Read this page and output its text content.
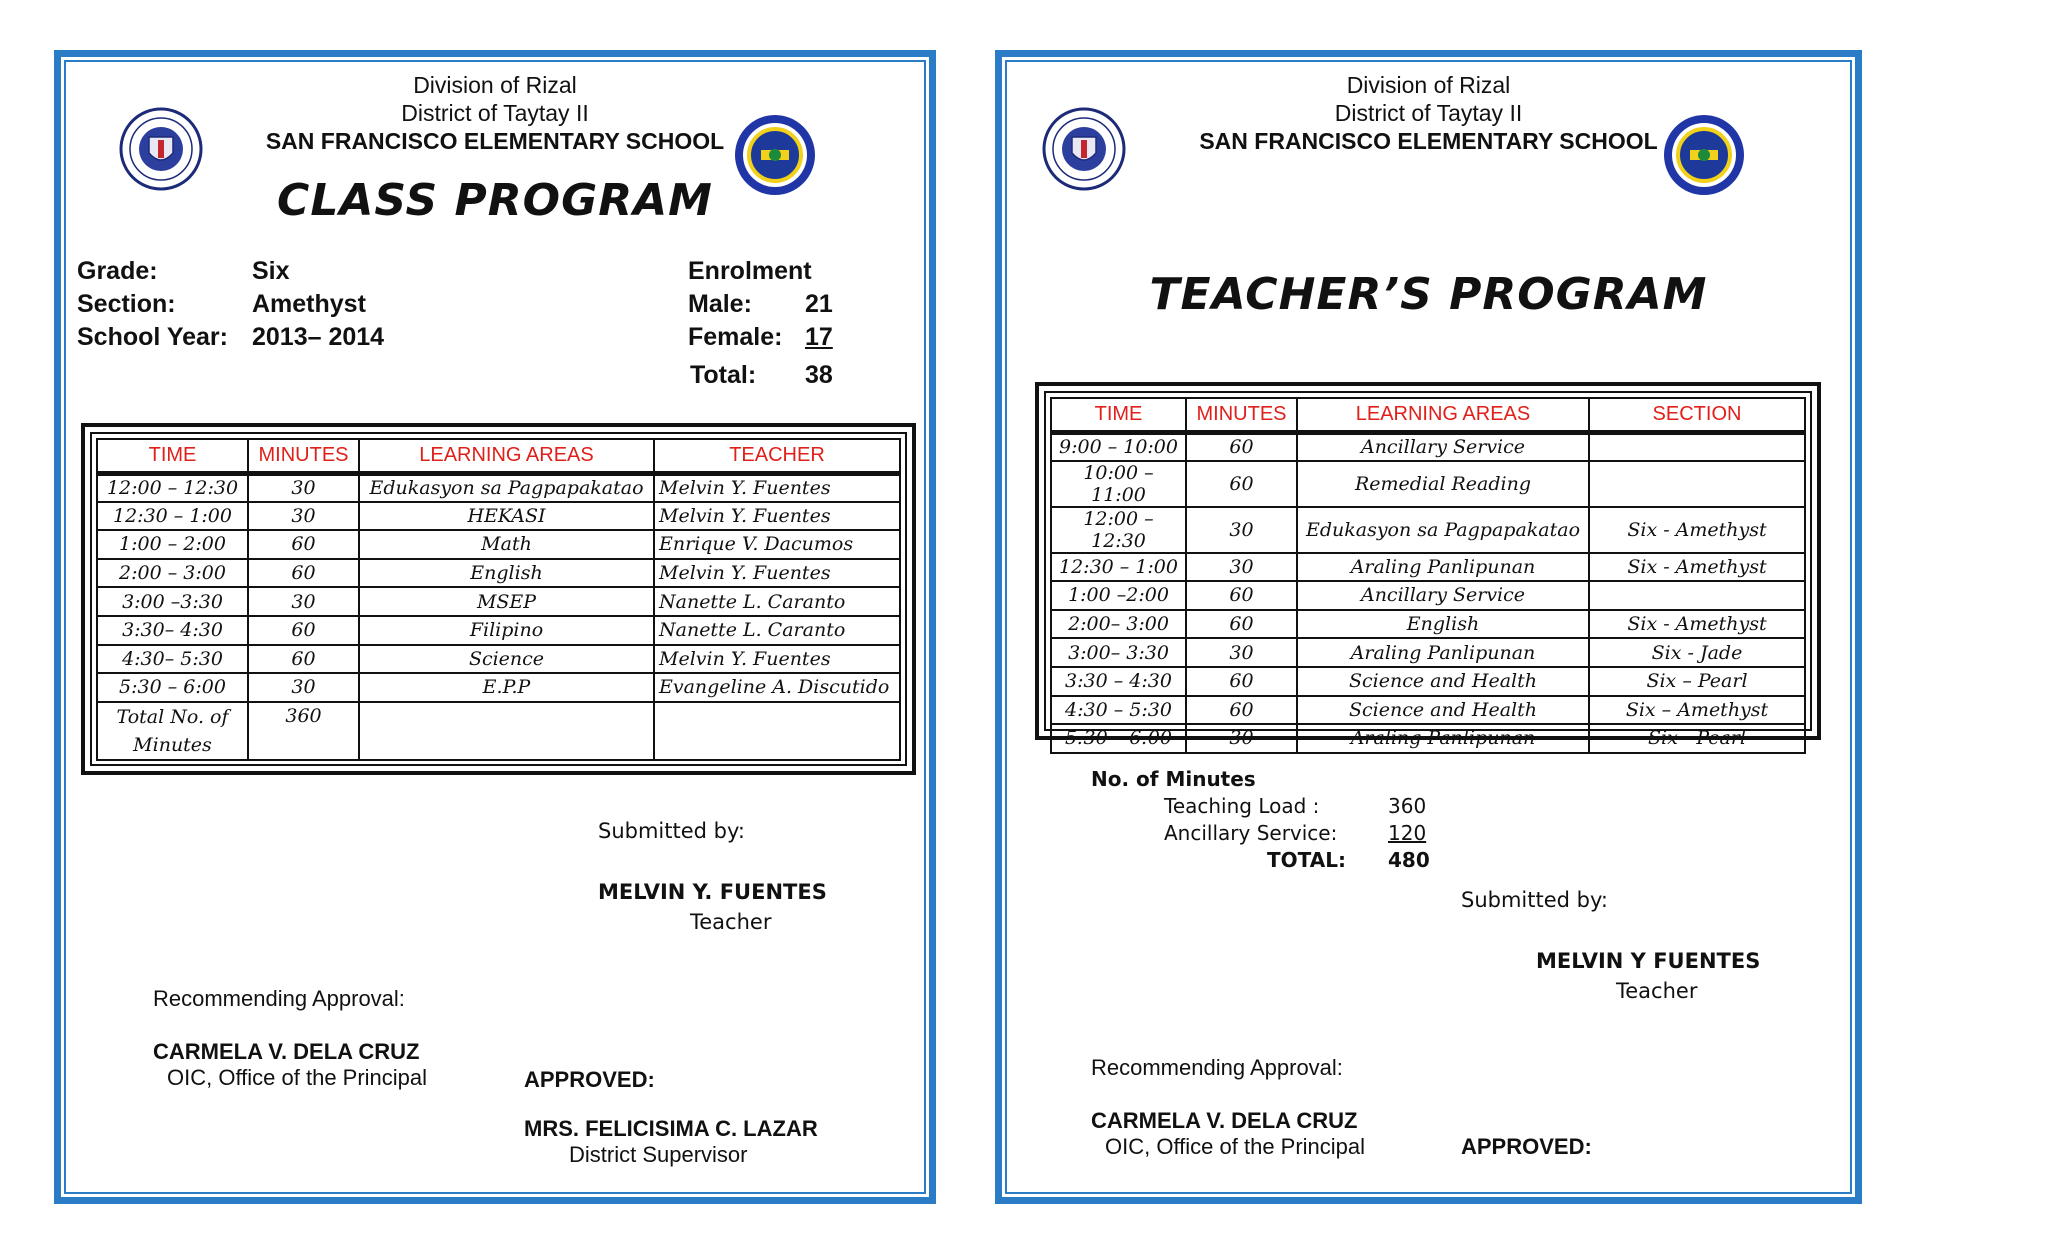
Division of Rizal
District of Taytay II
SAN FRANCISCO ELEMENTARY SCHOOL
CLASS PROGRAM
Grade:	Six
Section:	Amethyst
School Year: 2013– 2014
Enrolment
Male: 21
Female: 17
Total: 38
TIME	MINUTES	LEARNING AREAS	TEACHER
12:00 – 12:30	30	Edukasyon sa Pagpapakatao	Melvin Y. Fuentes
12:30 – 1:00	30	HEKASI	Melvin Y. Fuentes
1:00 – 2:00	60	Math	Enrique V. Dacumos
2:00 – 3:00	60	English	Melvin Y. Fuentes
3:00 –3:30	30	MSEP	Nanette L. Caranto
3:30– 4:30	60	Filipino	Nanette L. Caranto
4:30– 5:30	60	Science	Melvin Y. Fuentes
5:30 – 6:00	30	E.P.P	Evangeline A. Discutido

Total No. of
Minutes	360		
Submitted by:
MELVIN Y. FUENTES
Teacher
Recommending Approval:
CARMELA V. DELA CRUZ
OIC, Office of the Principal	APPROVED:
MRS. FELICISIMA C. LAZAR
District Supervisor
Division of Rizal
District of Taytay II
SAN FRANCISCO ELEMENTARY SCHOOL
TEACHER’S PROGRAM
TIME	MINUTES	LEARNING AREAS	SECTION
9:00 – 10:00	60	Ancillary Service	
10:00 – 11:00	60	Remedial Reading	
12:00 – 12:30	30	Edukasyon sa Pagpapakatao	Six - Amethyst
12:30 – 1:00	30	Araling Panlipunan	Six - Amethyst
1:00 –2:00	60	Ancillary Service	
2:00– 3:00	60	English	Six - Amethyst
3:00– 3:30	30	Araling Panlipunan	Six - Jade
3:30 – 4:30	60	Science and Health	Six – Pearl
4:30 – 5:30	60	Science and Health	Six – Amethyst
5:30 – 6:00	30	Araling Panlipunan	Six - Pearl
No. of Minutes
Teaching Load :	360
Ancillary Service:	120
TOTAL: 480
Submitted by:
MELVIN Y FUENTES
Teacher
Recommending Approval:
CARMELA V. DELA CRUZ
OIC, Office of the Principal	APPROVED:
